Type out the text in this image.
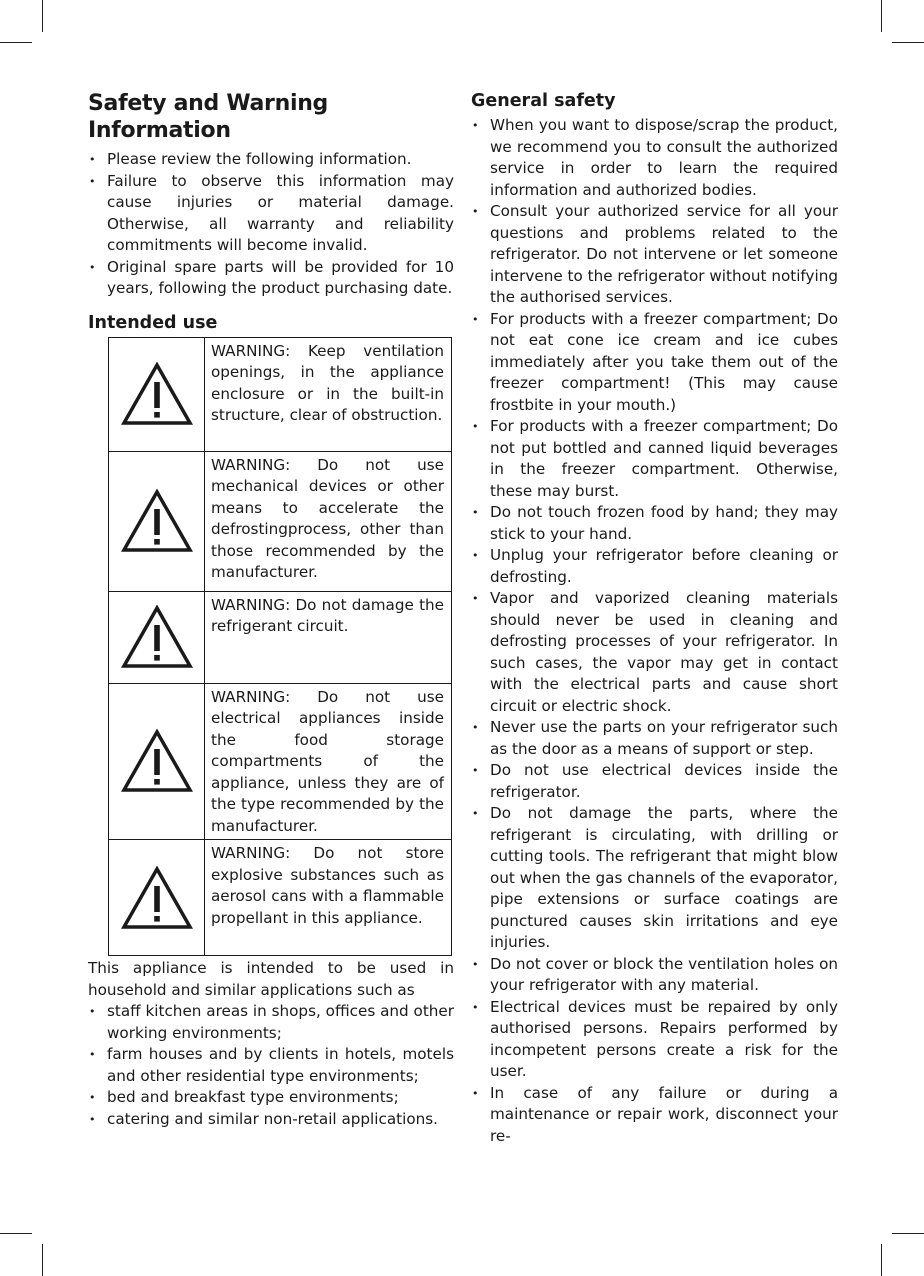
Safety and Warning Information
• Please review the following information.
• Failure to observe this information may cause injuries or material damage. Otherwise, all warranty and reliability commitments will become invalid.
• Original spare parts will be provided for 10 years, following the product purchasing date.
Intended use
	WARNING: Keep ventilation openings, in the appliance enclosure or in the built-in structure, clear of obstruction.

	WARNING: Do not use mechanical devices or other means to accelerate the defrostingprocess, other than those recommended by the manufacturer.

	WARNING: Do not damage the refrigerant circuit.

	WARNING: Do not use electrical appliances inside the food storage compartments of the appliance, unless they are of the type recommended by the manufacturer.

	WARNING: Do not store explosive substances such as aerosol cans with a flammable propellant in this appliance.

This appliance is intended to be used in household and similar applications such as

• staff kitchen areas in shops, offices and other working environments;
• farm houses and by clients in hotels, motels and other residential type environments;
• bed and breakfast type environments;
• catering and similar non-retail applications.
General safety
• When you want to dispose/scrap the product, we recommend you to consult the authorized service in order to learn the required information and authorized bodies.
• Consult your authorized service for all your questions and problems related to the refrigerator. Do not intervene or let someone intervene to the refrigerator without notifying the authorised services.
• For products with a freezer compartment; Do not eat cone ice cream and ice cubes immediately after you take them out of the freezer compartment! (This may cause frostbite in your mouth.)
• For products with a freezer compartment; Do not put bottled and canned liquid beverages in the freezer compartment. Otherwise, these may burst.
• Do not touch frozen food by hand; they may stick to your hand.
• Unplug your refrigerator before cleaning or defrosting.
• Vapor and vaporized cleaning materials should never be used in cleaning and defrosting processes of your refrigerator. In such cases, the vapor may get in contact with the electrical parts and cause short circuit or electric shock.
• Never use the parts on your refrigerator such as the door as a means of support or step.
• Do not use electrical devices inside the refrigerator.
• Do not damage the parts, where the refrigerant is circulating, with drilling or cutting tools. The refrigerant that might blow out when the gas channels of the evaporator, pipe extensions or surface coatings are punctured causes skin irritations and eye injuries.
• Do not cover or block the ventilation holes on your refrigerator with any material.
• Electrical devices must be repaired by only authorised persons. Repairs performed by incompetent persons create a risk for the user.
• In case of any failure or during a maintenance or repair work, disconnect your re-
